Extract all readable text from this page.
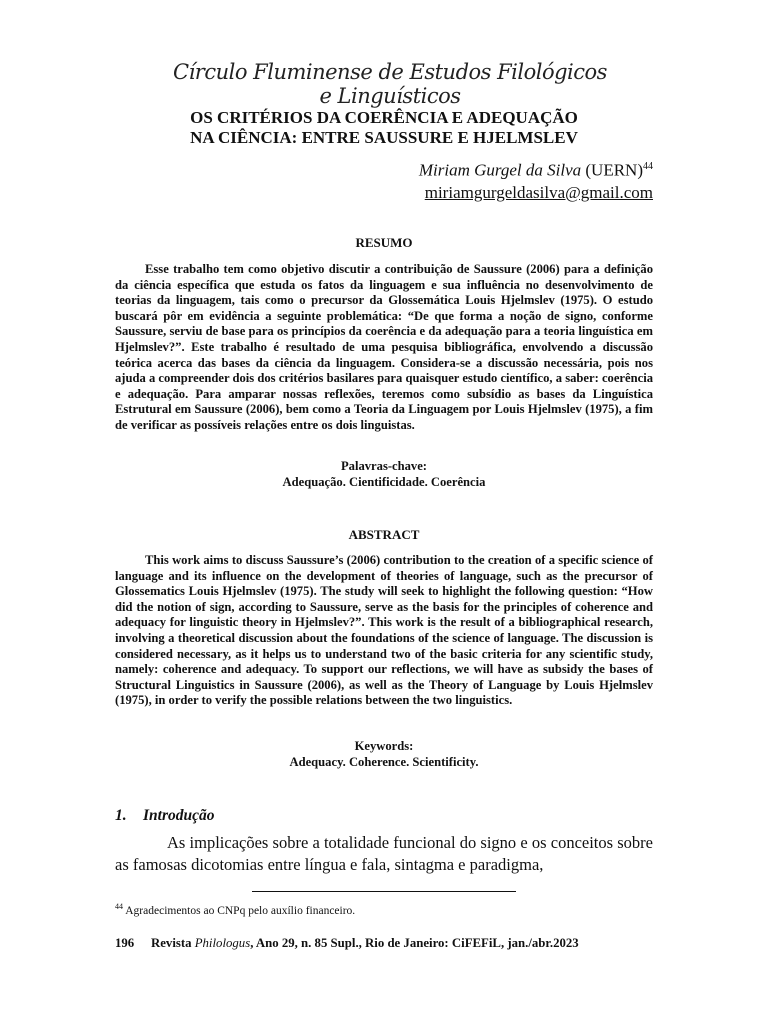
Círculo Fluminense de Estudos Filológicos e Linguísticos
OS CRITÉRIOS DA COERÊNCIA E ADEQUAÇÃO
NA CIÊNCIA: ENTRE SAUSSURE E HJELMSLEV
Miriam Gurgel da Silva (UERN)$^{44}$
miriamgurgeldasilva@gmail.com
RESUMO
Esse trabalho tem como objetivo discutir a contribuição de Saussure (2006) para a definição da ciência específica que estuda os fatos da linguagem e sua influência no desenvolvimento de teorias da linguagem, tais como o precursor da Glossemática Louis Hjelmslev (1975). O estudo buscará pôr em evidência a seguinte problemática: “De que forma a noção de signo, conforme Saussure, serviu de base para os princípios da coerência e da adequação para a teoria linguística em Hjelmslev?”. Este trabalho é resultado de uma pesquisa bibliográfica, envolvendo a discussão teórica acerca das bases da ciência da linguagem. Considera-se a discussão necessária, pois nos ajuda a compreender dois dos critérios basilares para quaisquer estudo científico, a saber: coerência e adequação. Para amparar nossas reflexões, teremos como subsídio as bases da Linguística Estrutural em Saussure (2006), bem como a Teoria da Linguagem por Louis Hjelmslev (1975), a fim de verificar as possíveis relações entre os dois linguistas.
Palavras-chave:
Adequação. Cientificidade. Coerência
ABSTRACT
This work aims to discuss Saussure’s (2006) contribution to the creation of a specific science of language and its influence on the development of theories of language, such as the precursor of Glossematics Louis Hjelmslev (1975). The study will seek to highlight the following question: “How did the notion of sign, according to Saussure, serve as the basis for the principles of coherence and adequacy for linguistic theory in Hjelmslev?”. This work is the result of a bibliographical research, involving a theoretical discussion about the foundations of the science of language. The discussion is considered necessary, as it helps us to understand two of the basic criteria for any scientific study, namely: coherence and adequacy. To support our reflections, we will have as subsidy the bases of Structural Linguistics in Saussure (2006), as well as the Theory of Language by Louis Hjelmslev (1975), in order to verify the possible relations between the two linguistics.
Keywords:
Adequacy. Coherence. Scientificity.
1. Introdução
As implicações sobre a totalidade funcional do signo e os conceitos sobre as famosas dicotomias entre língua e fala, sintagma e paradigma,
$^{44}$ Agradecimentos ao CNPq pelo auxílio financeiro.
196 Revista Philologus, Ano 29, n. 85 Supl., Rio de Janeiro: CiFEFiL, jan./abr.2023
